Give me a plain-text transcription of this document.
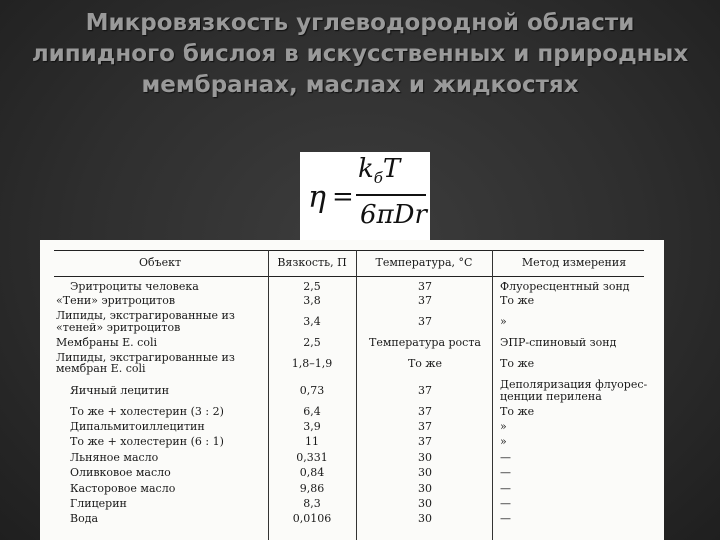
Микровязкость углеводородной области липидного бислоя в искусственных и природных мембранах, маслах и жидкостях
η =
$k_бT$
6πDr
Объект	Вязкость, П	Температура, °С	Метод измерения
Эритроциты человека	2,5	37	Флуоресцентный зонд
«Тени» эритроцитов	3,8	37	То же
Липиды, экстрагированные из
«теней» эритроцитов	3,4	37	»
Мембраны E. coli	2,5	Температура роста	ЭПР-спиновый зонд
Липиды, экстрагированные из	1,8–1,9	То же	То же
мембран E. coli
Яичный лецитин	0,73	37	Деполяризация флуорес-
ценции перилена
То же + холестерин (3 : 2)	6,4	37	То же
Дипальмитоиллецитин	3,9	37	»
То же + холестерин (6 : 1)	11	37	»
Льняное масло	0,331	30	—
Оливковое масло	0,84	30	—
Касторовое масло	9,86	30	—
Глицерин	8,3	30	—
Вода	0,0106	30	—
